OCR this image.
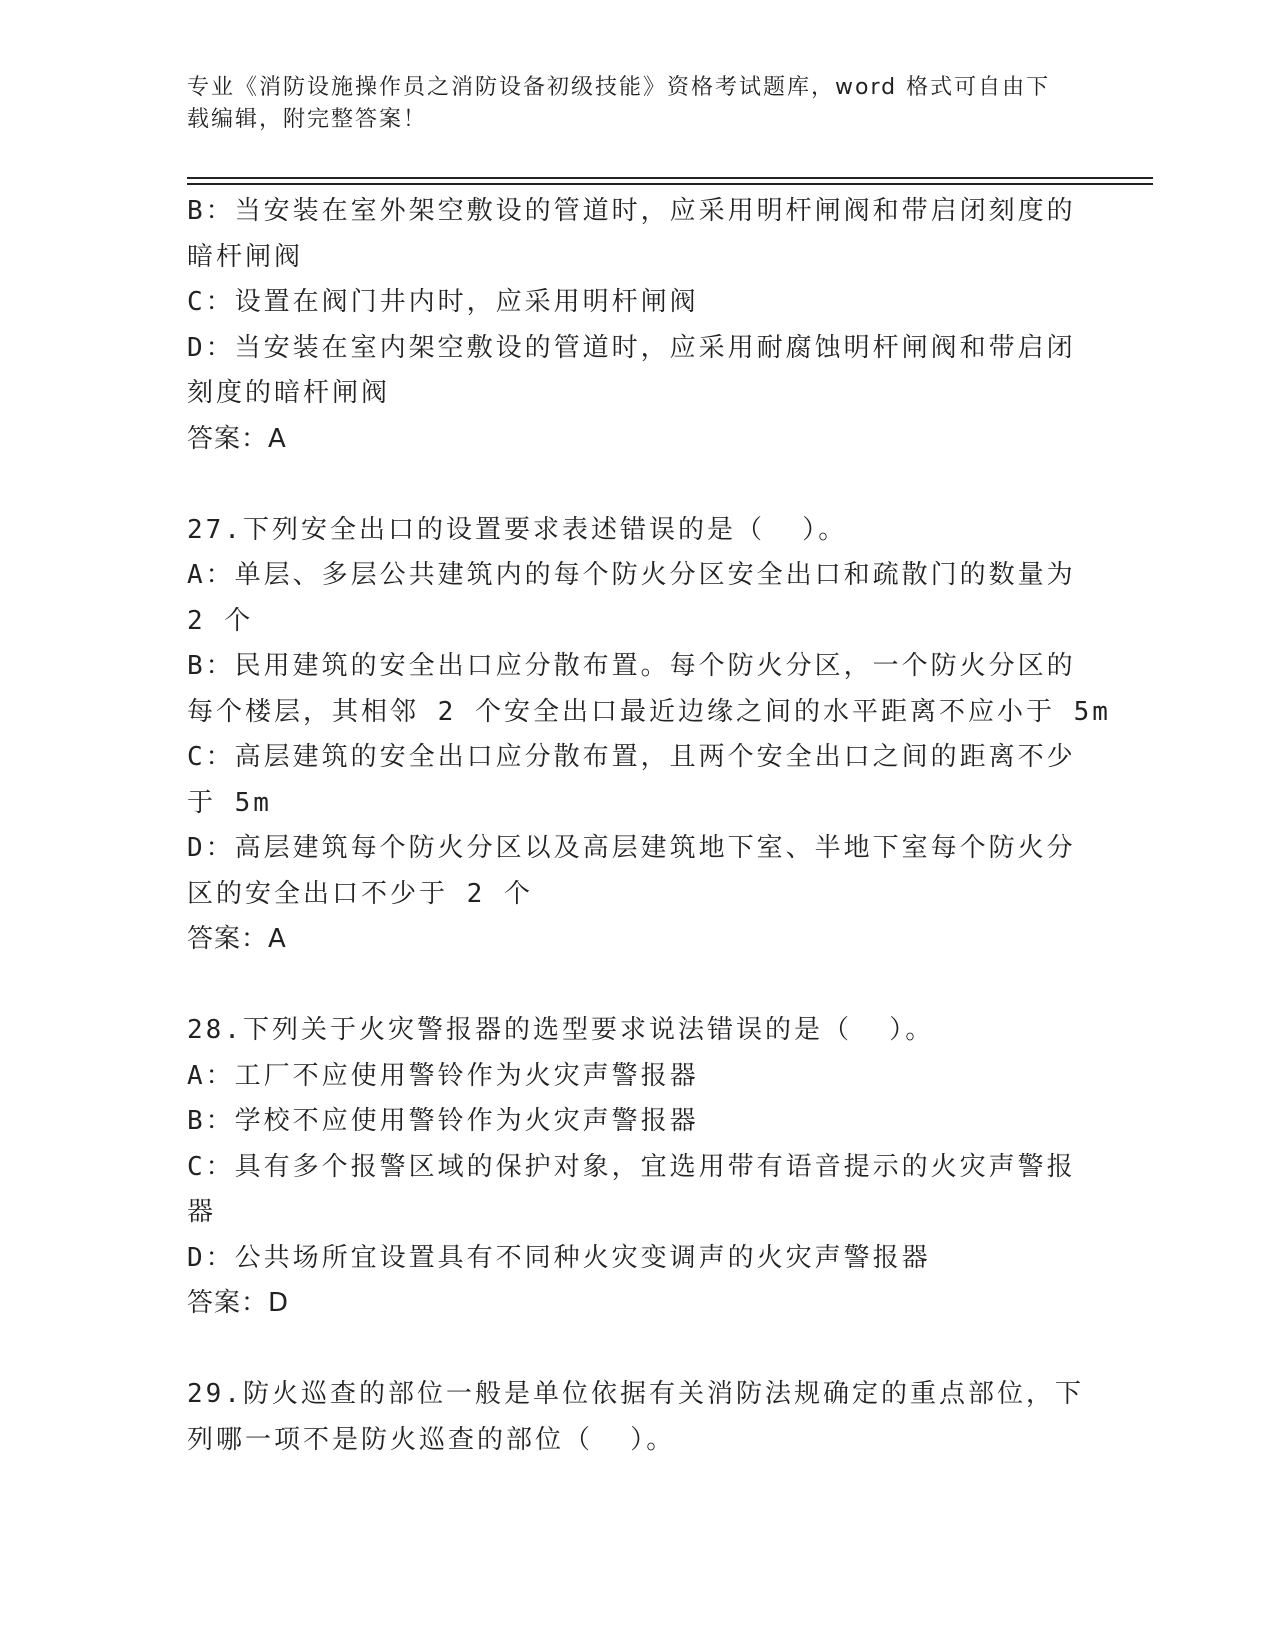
专业《消防设施操作员之消防设备初级技能》资格考试题库，word 格式可自由下
载编辑，附完整答案！
B：当安装在室外架空敷设的管道时，应采用明杆闸阀和带启闭刻度的
暗杆闸阀
C：设置在阀门井内时，应采用明杆闸阀
D：当安装在室内架空敷设的管道时，应采用耐腐蚀明杆闸阀和带启闭
刻度的暗杆闸阀
答案：A
27.下列安全出口的设置要求表述错误的是（  ）。
A：单层、多层公共建筑内的每个防火分区安全出口和疏散门的数量为
2 个
B：民用建筑的安全出口应分散布置。每个防火分区，一个防火分区的
每个楼层，其相邻 2 个安全出口最近边缘之间的水平距离不应小于 5m
C：高层建筑的安全出口应分散布置，且两个安全出口之间的距离不少
于 5m
D：高层建筑每个防火分区以及高层建筑地下室、半地下室每个防火分
区的安全出口不少于 2 个
答案：A
28.下列关于火灾警报器的选型要求说法错误的是（  ）。
A：工厂不应使用警铃作为火灾声警报器
B：学校不应使用警铃作为火灾声警报器
C：具有多个报警区域的保护对象，宜选用带有语音提示的火灾声警报
器
D：公共场所宜设置具有不同种火灾变调声的火灾声警报器
答案：D
29.防火巡查的部位一般是单位依据有关消防法规确定的重点部位，下
列哪一项不是防火巡查的部位（  ）。
